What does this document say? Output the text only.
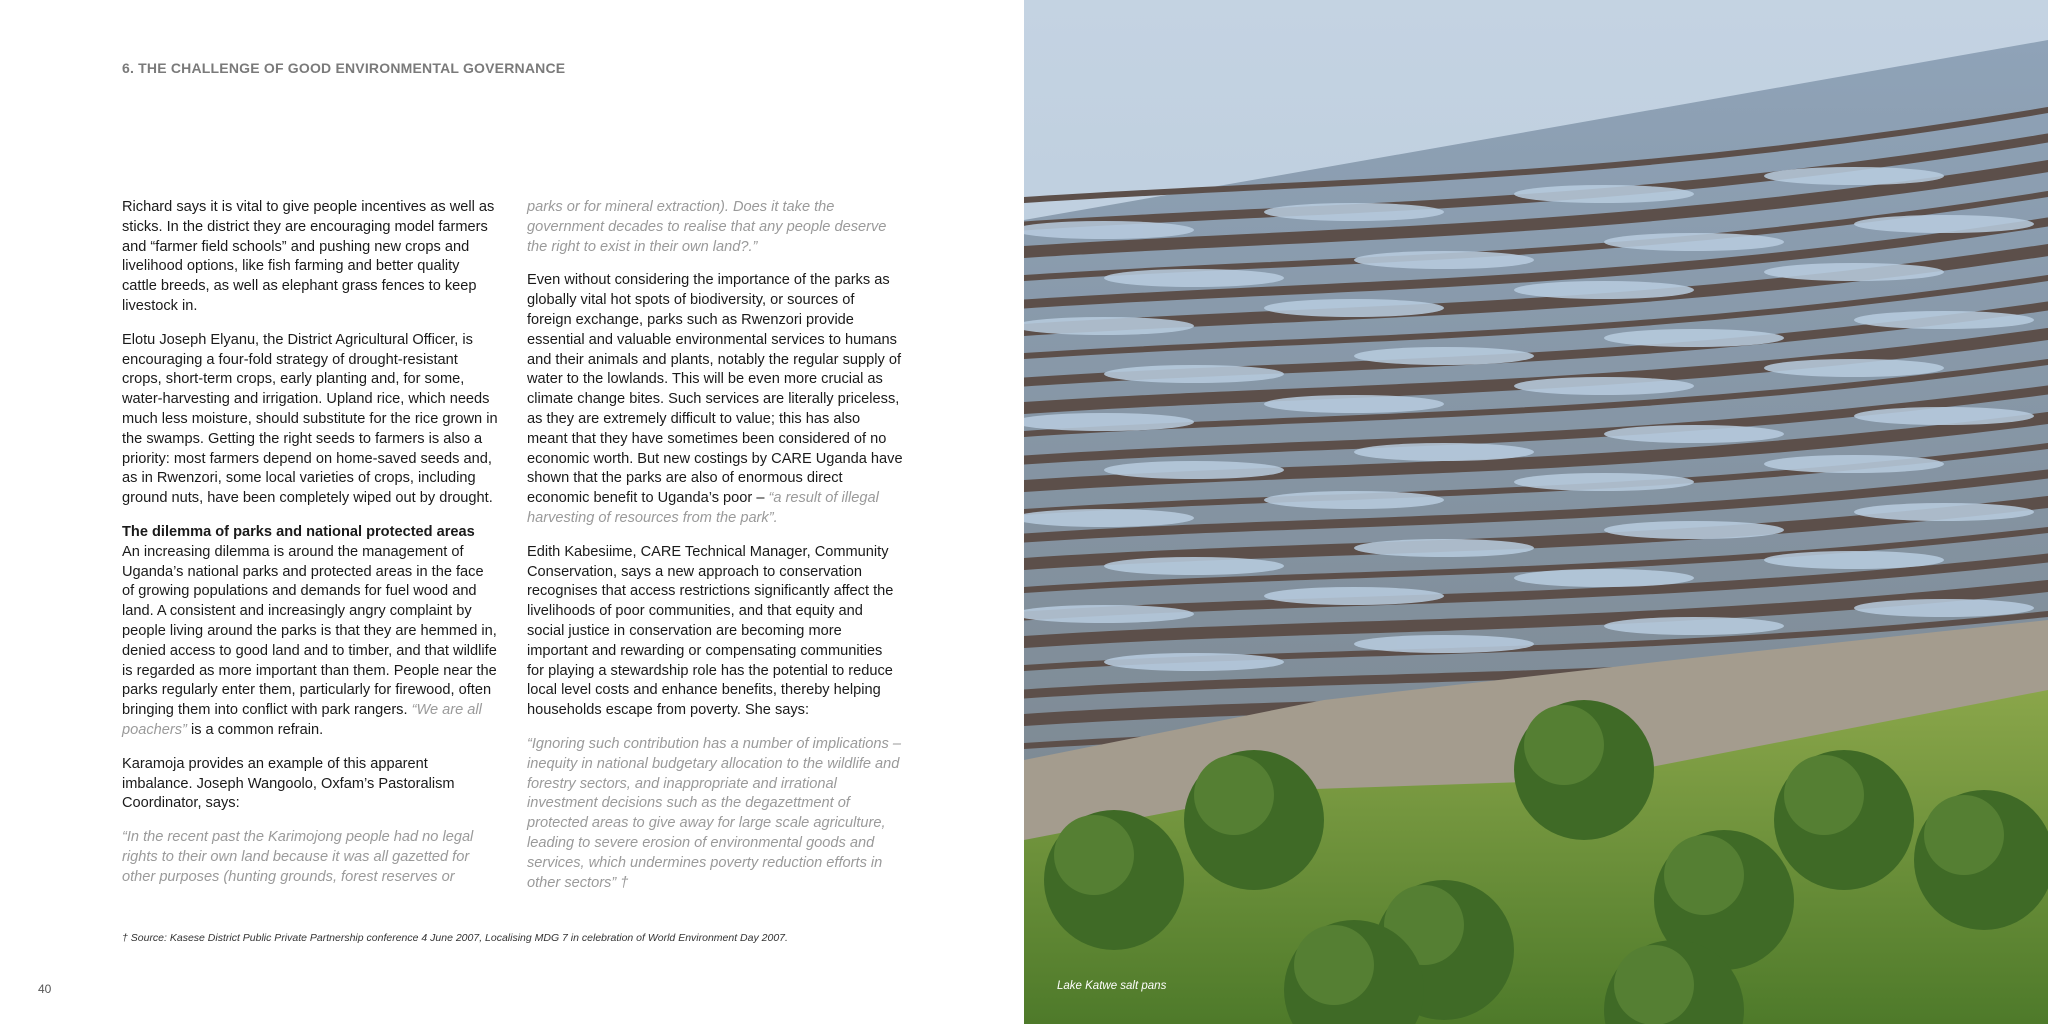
6. THE CHALLENGE OF GOOD ENVIRONMENTAL GOVERNANCE

Richard says it is vital to give people incentives as well as sticks. In the district they are encouraging model farmers and “farmer field schools” and pushing new crops and livelihood options, like fish farming and better quality cattle breeds, as well as elephant grass fences to keep livestock in.

Elotu Joseph Elyanu, the District Agricultural Officer, is encouraging a four-fold strategy of drought-resistant crops, short-term crops, early planting and, for some, water-harvesting and irrigation. Upland rice, which needs much less moisture, should substitute for the rice grown in the swamps. Getting the right seeds to farmers is also a priority: most farmers depend on home-saved seeds and, as in Rwenzori, some local varieties of crops, including ground nuts, have been completely wiped out by drought.

The dilemma of parks and national protected areas
An increasing dilemma is around the management of Uganda’s national parks and protected areas in the face of growing populations and demands for fuel wood and land. A consistent and increasingly angry complaint by people living around the parks is that they are hemmed in, denied access to good land and to timber, and that wildlife is regarded as more important than them. People near the parks regularly enter them, particularly for firewood, often bringing them into conflict with park rangers. “We are all poachers” is a common refrain.

Karamoja provides an example of this apparent imbalance. Joseph Wangoolo, Oxfam’s Pastoralism Coordinator, says:

“In the recent past the Karimojong people had no legal rights to their own land because it was all gazetted for other purposes (hunting grounds, forest reserves or

parks or for mineral extraction). Does it take the government decades to realise that any people deserve the right to exist in their own land?.”

Even without considering the importance of the parks as globally vital hot spots of biodiversity, or sources of foreign exchange, parks such as Rwenzori provide essential and valuable environmental services to humans and their animals and plants, notably the regular supply of water to the lowlands. This will be even more crucial as climate change bites. Such services are literally priceless, as they are extremely difficult to value; this has also meant that they have sometimes been considered of no economic worth. But new costings by CARE Uganda have shown that the parks are also of enormous direct economic benefit to Uganda’s poor – “a result of illegal harvesting of resources from the park”.

Edith Kabesiime, CARE Technical Manager, Community Conservation, says a new approach to conservation recognises that access restrictions significantly affect the livelihoods of poor communities, and that equity and social justice in conservation are becoming more important and rewarding or compensating communities for playing a stewardship role has the potential to reduce local level costs and enhance benefits, thereby helping households escape from poverty. She says:

“Ignoring such contribution has a number of implications – inequity in national budgetary allocation to the wildlife and forestry sectors, and inappropriate and irrational investment decisions such as the degazettment of protected areas to give away for large scale agriculture, leading to severe erosion of environmental goods and services, which undermines poverty reduction efforts in other sectors” †

† Source: Kasese District Public Private Partnership conference 4 June 2007, Localising MDG 7 in celebration of World Environment Day 2007.
40	Lake Katwe salt pans
